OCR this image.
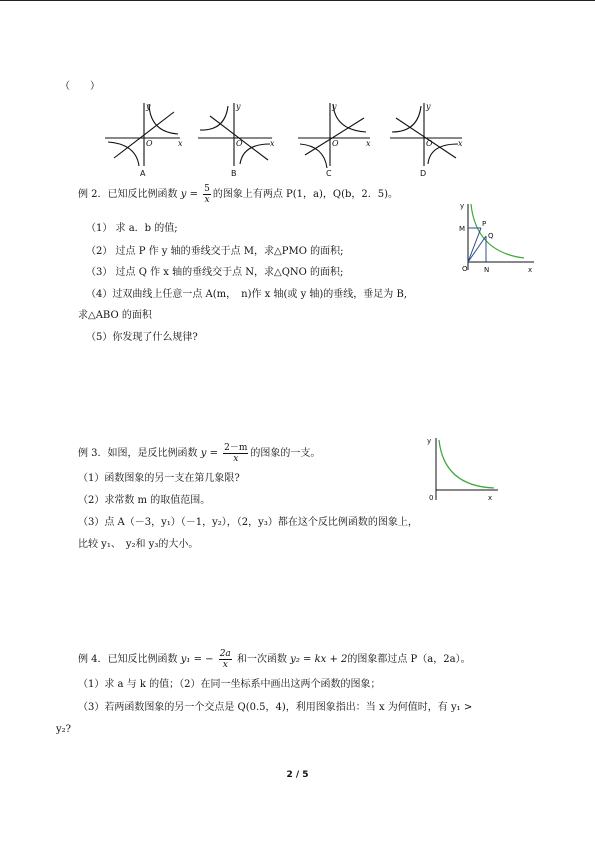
（　　）
y	y	y	y
x	x	x	x
O	O	O	O
A	B	C	D
例 2．已知反比例函数 $y = \frac{5}{x}$ 的图象上有两点 P(1，a)，Q(b，2．5)。
（1） 求 a．b 的值;
（2） 过点 P 作 y 轴的垂线交于点 M，求△PMO 的面积;
（3） 过点 Q 作 x 轴的垂线交于点 N，求△QNO 的面积;
（4）过双曲线上任意一点 A(m，　n)作 x 轴(或 y 轴)的垂线，垂足为 B,
求△ABO 的面积
（5）你发现了什么规律?
y
x
M
P
Q
O N
例 3．如图，是反比例函数 $y = \frac{2-m}{x}$ 的图象的一支。
（1）函数图象的另一支在第几象限?
（2）求常数 m 的取值范围。
（3）点 A（－3，y₁）（－1，y₂），（2，y₃）都在这个反比例函数的图象上，
比较 y₁、　y₂和 y₃的大小。
y
x
0
例 4．已知反比例函数 y₁ = − $\frac{2a}{x}$ 和一次函数 y₂ = kx + 2的图象都过点 P（a，2a）。
（1）求 a 与 k 的值；（2）在同一坐标系中画出这两个函数的图象；
（3）若两函数图象的另一个交点是 Q(0.5，4)，利用图象指出：当 x 为何值时，有 y₁ >
y₂?
2 / 5
